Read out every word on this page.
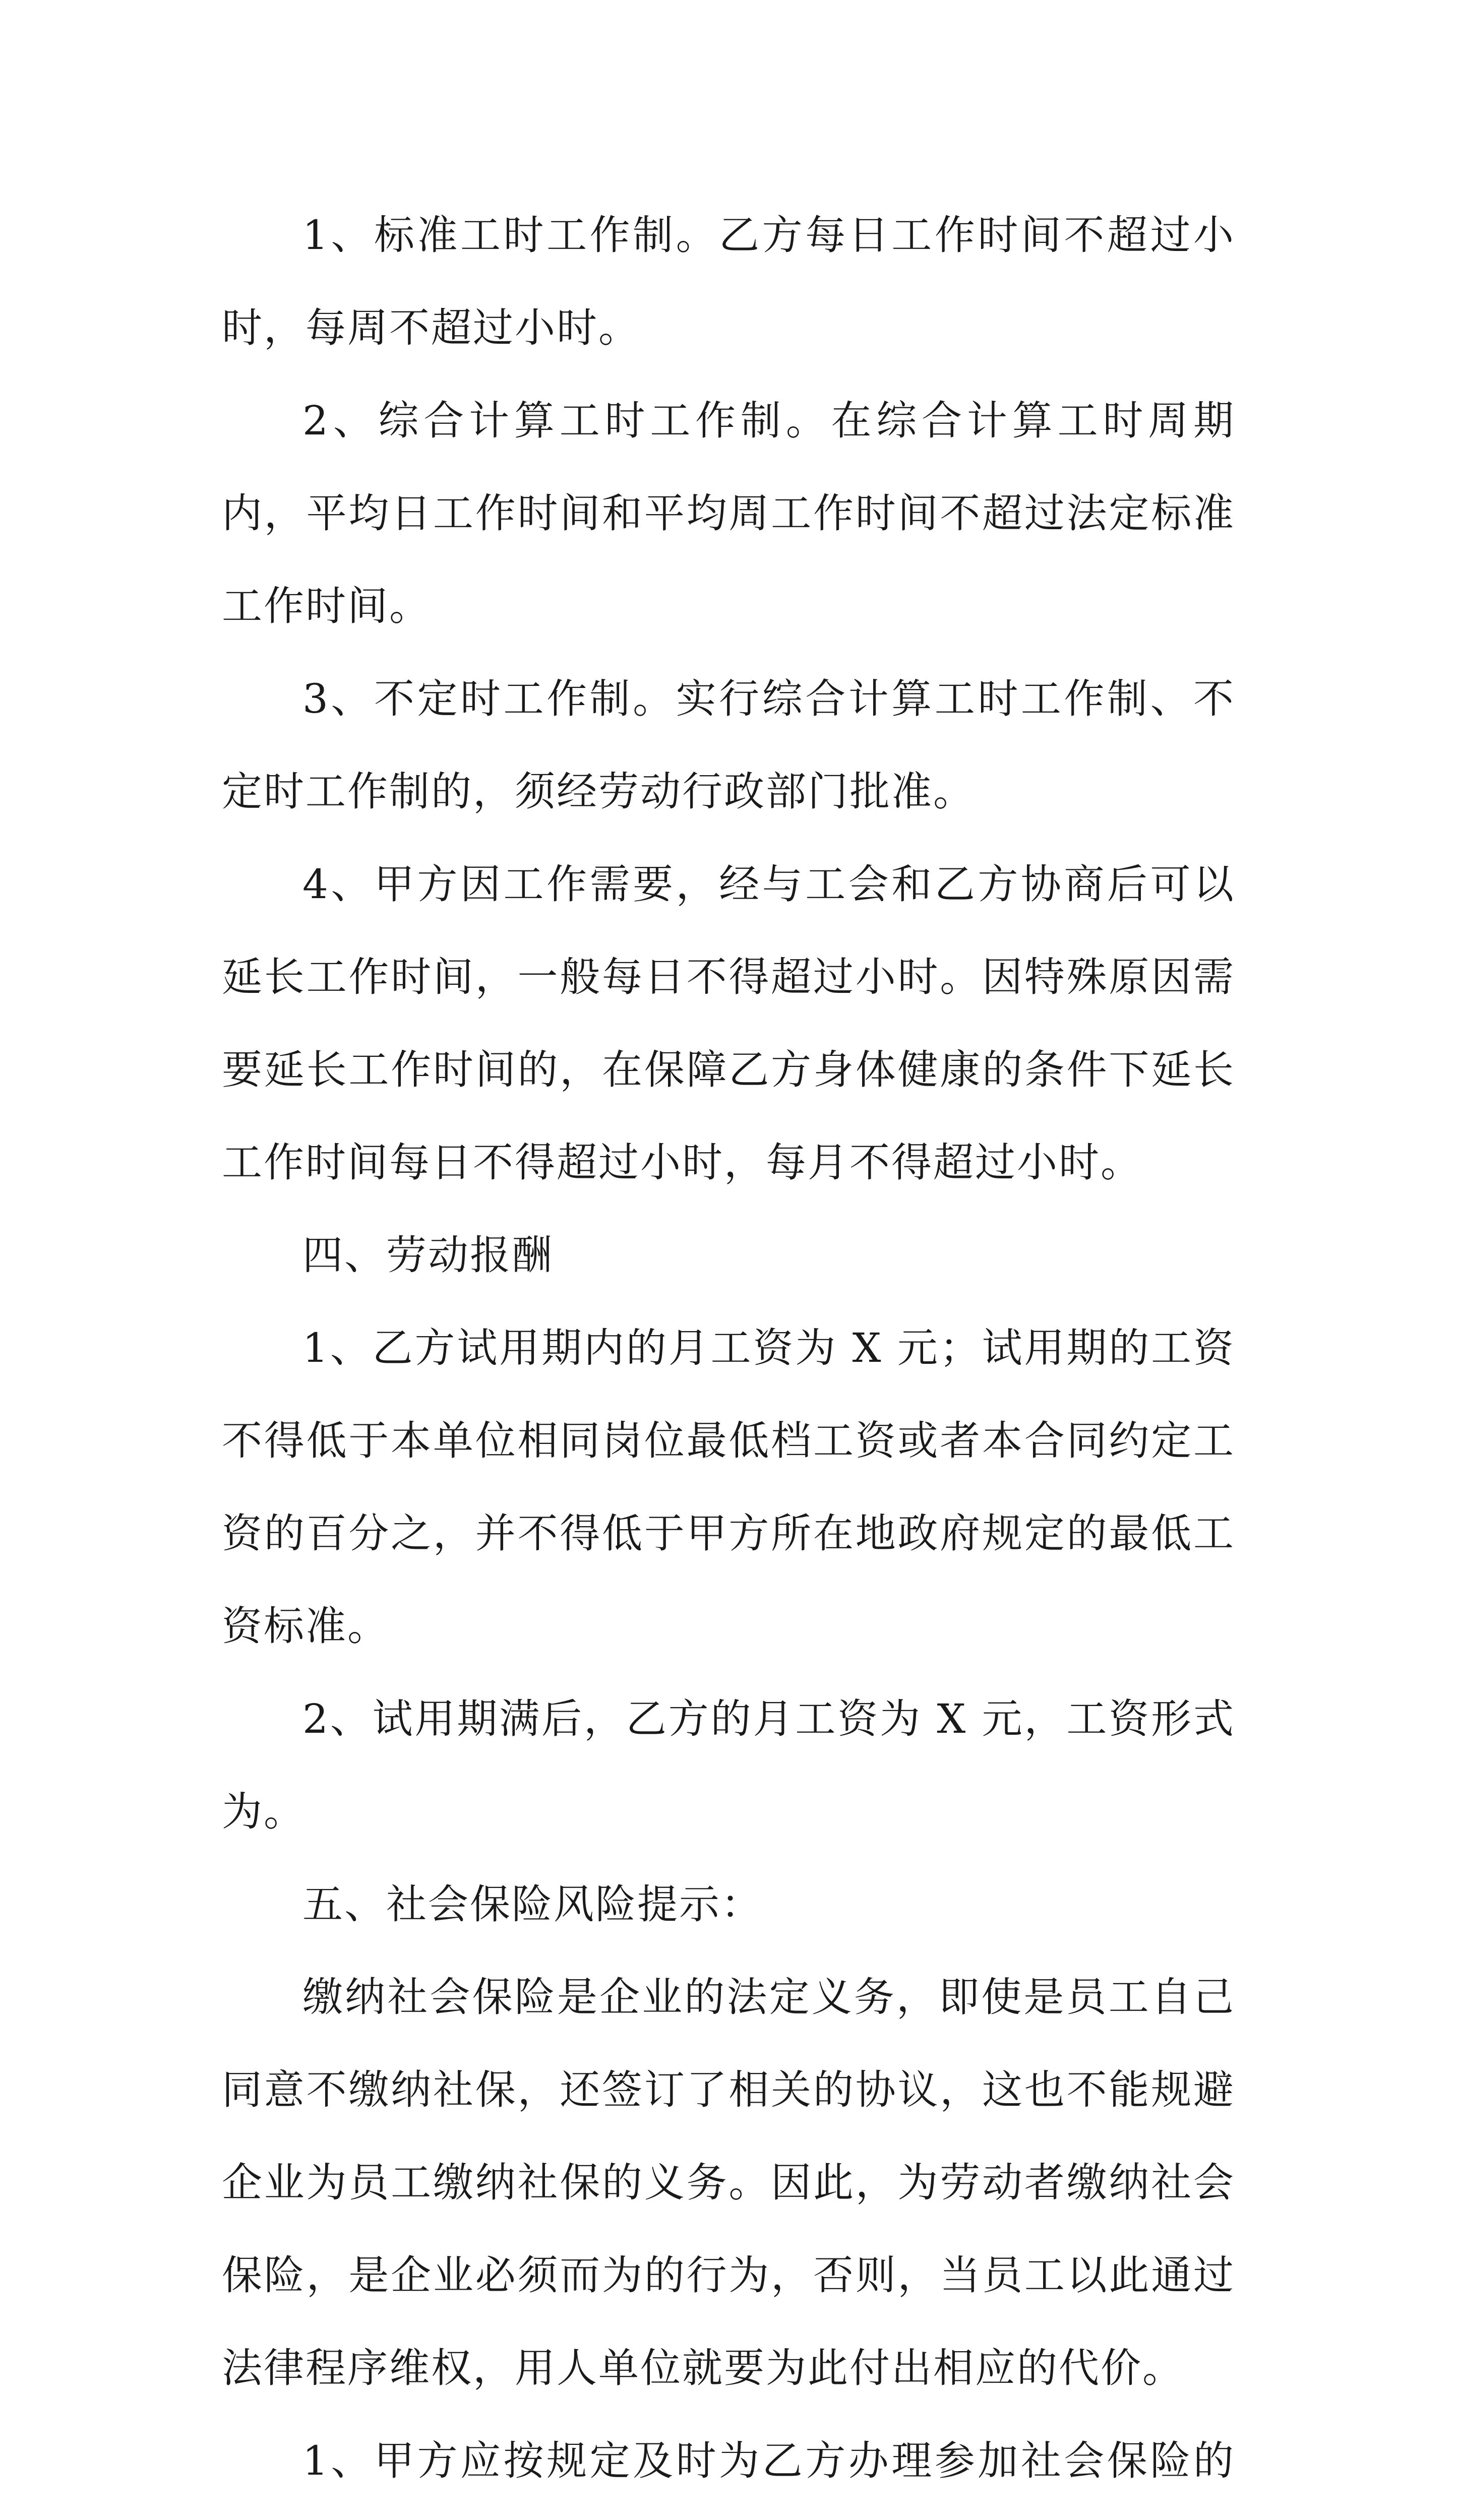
1、标准工时工作制。乙方每日工作时间不超过小时，每周不超过小时。

2、综合计算工时工作制。在综合计算工时周期内，平均日工作时间和平均周工作时间不超过法定标准工作时间。

3、不定时工作制。实行综合计算工时工作制、不定时工作制的，须经劳动行政部门批准。

4、甲方因工作需要，经与工会和乙方协商后可以延长工作时间，一般每日不得超过小时。因特殊原因需要延长工作时间的，在保障乙方身体健康的条件下延长工作时间每日不得超过小时，每月不得超过小时。

四、劳动报酬

1、乙方试用期内的月工资为 X 元；试用期的工资不得低于本单位相同岗位最低档工资或者本合同约定工资的百分之，并不得低于甲方所在地政府规定的最低工资标准。

2、试用期满后，乙方的月工资为 X 元，工资形式为。

五、社会保险风险提示：

缴纳社会保险是企业的法定义务，即使是员工自己同意不缴纳社保，还签订了相关的协议，这也不能规避企业为员工缴纳社保的义务。因此，为劳动者缴纳社会保险，是企业必须而为的行为，否则，当员工以此通过法律程序维权，用人单位就要为此付出相应的代价。

1、甲方应按规定及时为乙方办理参加社会保险的
